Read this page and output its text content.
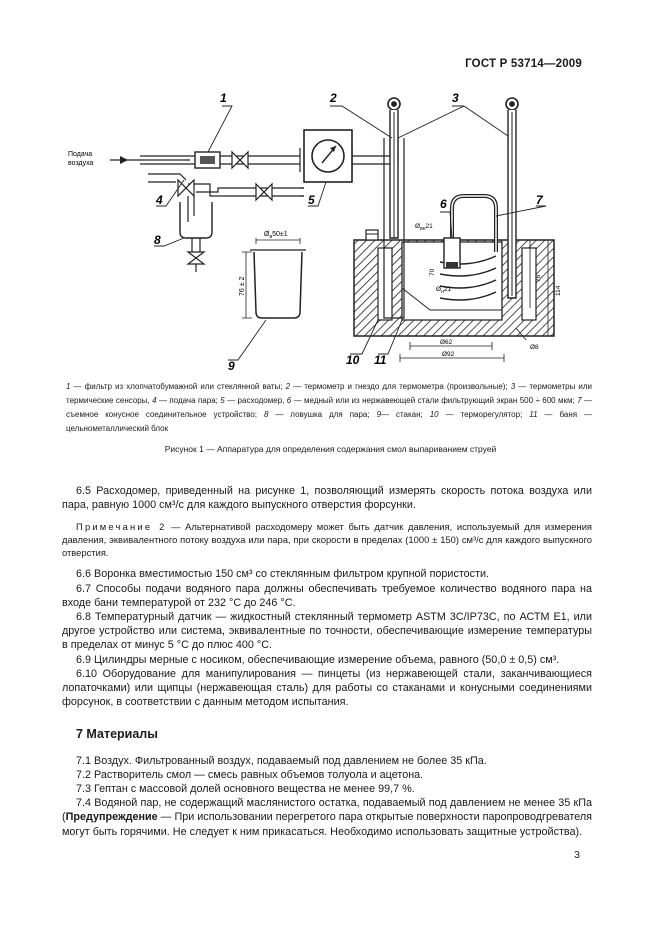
ГОСТ Р 53714—2009
Подача
воздуха
$Ø_в50\pm 1$
76 ± 2
$Ø_{вн}21$
$Ø_н21$
70
76
114
Ø62
Ø92
Ø8
1	2	3
4	5	6	7
8
9	10 11
1 — фильтр из хлопчатобумажной или стеклянной ваты; 2 — термометр и гнездо для термометра (произвольные); 3 — термометры или термические сенсоры, 4 — подача пара; 5 — расходомер, 6 — медный или из нержавеющей стали фильтрующий экран 500 ÷ 600 мкм; 7 — съемное конусное соединительное устройство; 8 — ловушка для пара; 9— стакан; 10 — терморегулятор; 11 — баня — цельнометаллический блок
Рисунок 1 — Аппаратура для определения содержания смол выпариванием струей

6.5 Расходомер, приведенный на рисунке 1, позволяющий измерять скорость потока воздуха или пара, равную 1000 см³/с для каждого выпускного отверстия форсунки.

Примечание 2 — Альтернативой расходомеру может быть датчик давления, используемый для измерения давления, эквивалентного потоку воздуха или пара, при скорости в пределах (1000 ± 150) см³/с для каждого выпускного отверстия.

6.6 Воронка вместимостью 150 см³ со стеклянным фильтром крупной пористости.

6.7 Способы подачи водяного пара должны обеспечивать требуемое количество водяного пара на входе бани температурой от 232 °С до 246 °С.

6.8 Температурный датчик — жидкостный стеклянный термометр ASTM 3С/IP73С, по АСТМ Е1, или другое устройство или система, эквивалентные по точности, обеспечивающие измерение температуры в пределах от минус 5 °С до плюс 400 °С.

6.9 Цилиндры мерные с носиком, обеспечивающие измерение объема, равного (50,0 ± 0,5) см³.

6.10 Оборудование для манипулирования — пинцеты (из нержавеющей стали, заканчивающиеся лопаточками) или щипцы (нержавеющая сталь) для работы со стаканами и конусными соединениями форсунок, в соответствии с данным методом испытания.

7 Материалы

7.1 Воздух. Фильтрованный воздух, подаваемый под давлением не более 35 кПа.

7.2 Растворитель смол — смесь равных объемов толуола и ацетона.

7.3 Гептан с массовой долей основного вещества не менее 99,7 %.

7.4 Водяной пар, не содержащий маслянистого остатка, подаваемый под давлением не менее 35 кПа (Предупреждение — При использовании перегретого пара открытые поверхности паропроводгревателя могут быть горячими. Не следует к ним прикасаться. Необходимо использовать защитные устройства).

3
